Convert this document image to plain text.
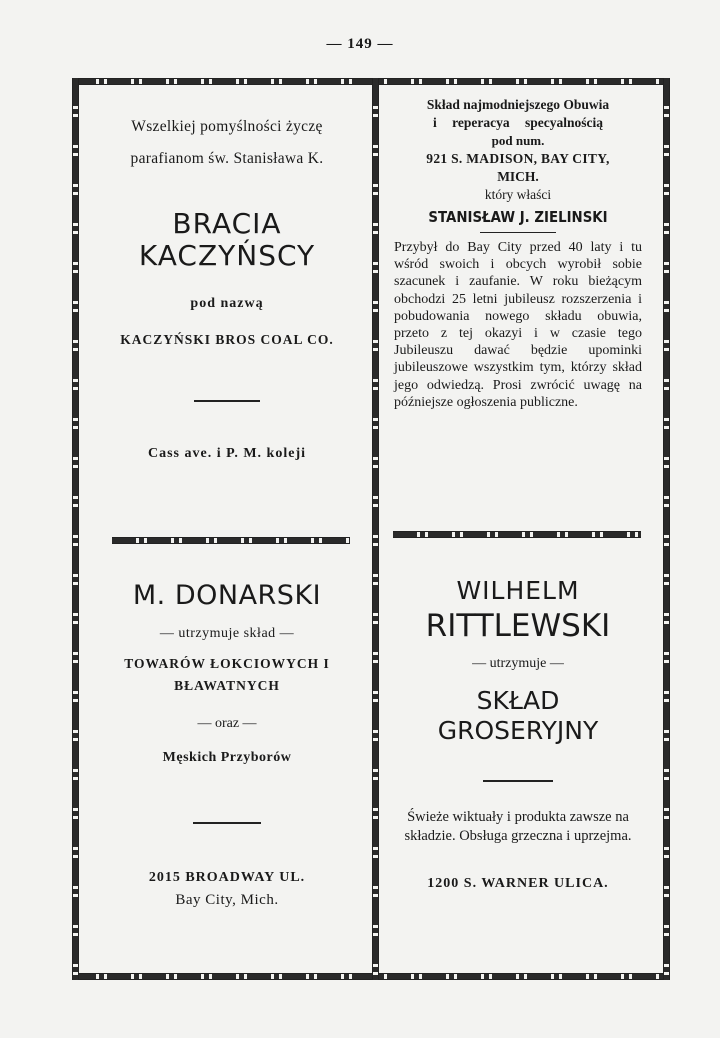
— 149 —
Wszelkiej pomyślności życzę
parafianom św. Stanisława K.
BRACIA
KACZYŃSCY
pod nazwą
KACZYŃSKI BROS COAL CO.
Cass ave. i P. M. koleji
Skład najmodniejszego Obuwia
i reperacya specyalnością
pod num.
921 S. MADISON, BAY CITY,
MICH.
który właści
STANISŁAW J. ZIELINSKI
Przybył do Bay City przed 40 laty i tu wśród swoich i obcych wyrobił sobie szacunek i zaufanie. W roku bieżącym obchodzi 25 letni jubileusz rozszerzenia i pobudowania nowego składu obuwia, przeto z tej okazyi i w czasie tego Jubileuszu dawać będzie upominki jubileuszowe wszystkim tym, którzy skład jego odwiedzą. Prosi zwrócić uwagę na późniejsze ogłoszenia publiczne.
M. DONARSKI
— utrzymuje skład —
TOWARÓW ŁOKCIOWYCH I
BŁAWATNYCH
— oraz —
Męskich Przyborów
2015 BROADWAY UL.
Bay City, Mich.
WILHELM
RITTLEWSKI
— utrzymuje —
SKŁAD
GROSERYJNY
Świeże wiktuały i produkta zawsze na składzie. Obsługa grzeczna i uprzejma.
1200 S. WARNER ULICA.
